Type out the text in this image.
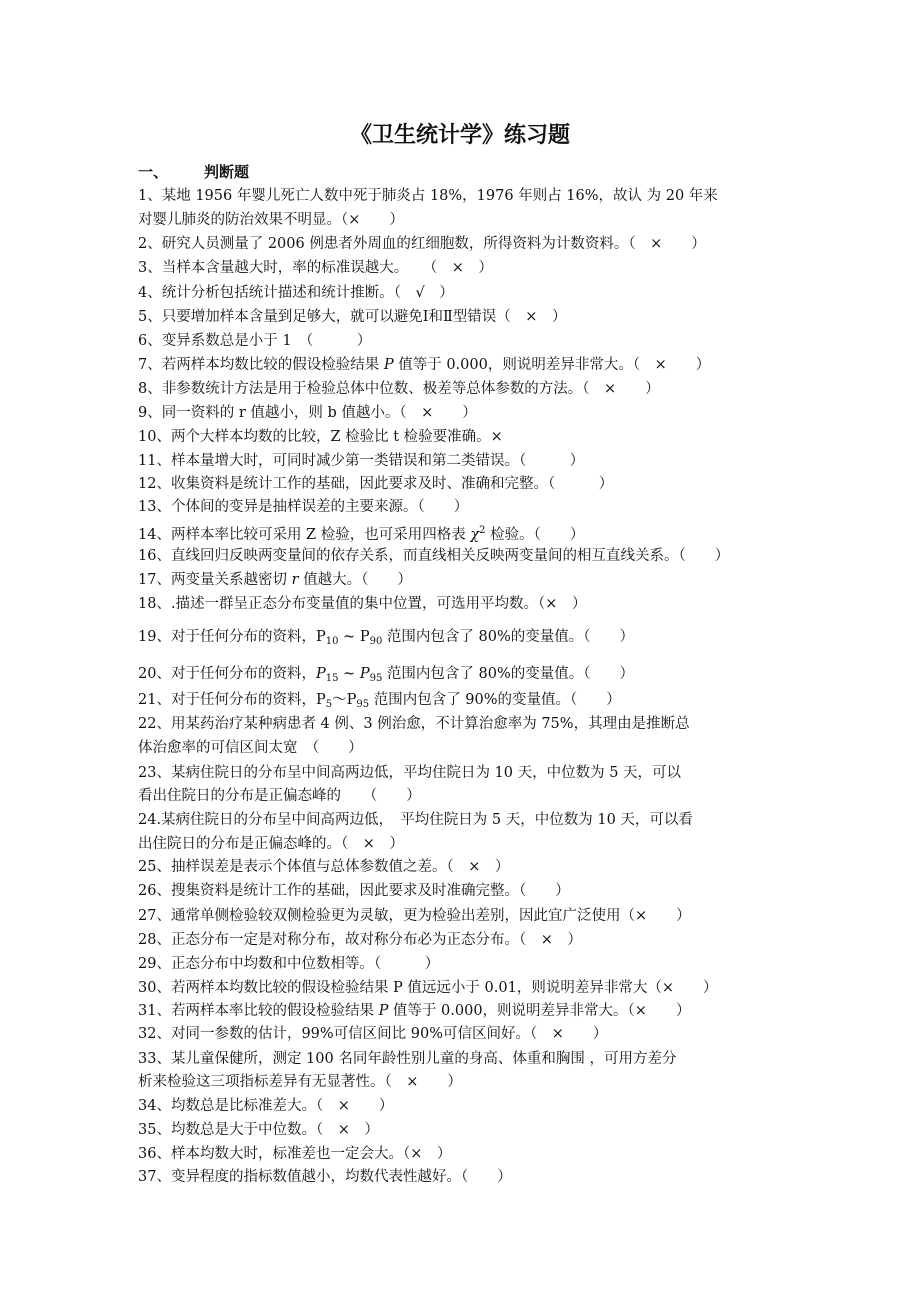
《卫生统计学》练习题
一、 判断题
1、某地 1956 年婴儿死亡人数中死于肺炎占 18%，1976 年则占 16%，故认 为 20 年来
对婴儿肺炎的防治效果不明显。（×　　）
2、研究人员测量了 2006 例患者外周血的红细胞数，所得资料为计数资料。（　×　　）
3、当样本含量越大时，率的标准误越大。　　（　×　）
4、统计分析包括统计描述和统计推断。（　√　）
5、只要增加样本含量到足够大，就可以避免Ⅰ和Ⅱ型错误（　×　）
6、变异系数总是小于 1　（　　　）
7、若两样本均数比较的假设检验结果 P 值等于 0.000，则说明差异非常大。（　×　　）
8、非参数统计方法是用于检验总体中位数、极差等总体参数的方法。（　×　　）
9、同一资料的 r 值越小，则 b 值越小。（　×　　）
10、两个大样本均数的比较，Z 检验比 t 检验要准确。×
11、样本量增大时，可同时减少第一类错误和第二类错误。（　　　）
12、收集资料是统计工作的基础，因此要求及时、准确和完整。（　　　）
13、个体间的变异是抽样误差的主要来源。（　　）
14、两样本率比较可采用 Z 检验，也可采用四格表 $\chi^2$ 检验。（　　）
16、直线回归反映两变量间的依存关系，而直线相关反映两变量间的相互直线关系。（　　）
17、两变量关系越密切 r 值越大。（　　）
18、.描述一群呈正态分布变量值的集中位置，可选用平均数。（×　）
19、对于任何分布的资料，$P_{10}$ ~ $P_{90}$ 范围内包含了 80%的变量值。（　　）
20、对于任何分布的资料，$P_{15}$ ~ $P_{95}$ 范围内包含了 80%的变量值。（　　）
21、对于任何分布的资料，$P_5\sim P_{95}$ 范围内包含了 90%的变量值。（　　）
22、用某药治疗某种病患者 4 例、3 例治愈，不计算治愈率为 75%，其理由是推断总
体治愈率的可信区间太宽　（　　）
23、某病住院日的分布呈中间高两边低，平均住院日为 10 天，中位数为 5 天，可以
看出住院日的分布是正偏态峰的　　（　　）
24.某病住院日的分布呈中间高两边低，　平均住院日为 5 天，中位数为 10 天，可以看
出住院日的分布是正偏态峰的。（　×　）
25、抽样误差是表示个体值与总体参数值之差。（　×　）
26、搜集资料是统计工作的基础，因此要求及时准确完整。（　　）
27、通常单侧检验较双侧检验更为灵敏，更为检验出差别，因此宜广泛使用（×　　）
28、正态分布一定是对称分布，故对称分布必为正态分布。（　×　）
29、正态分布中均数和中位数相等。（　　　）
30、若两样本均数比较的假设检验结果 P 值远远小于 0.01，则说明差异非常大（×　　）
31、若两样本率比较的假设检验结果 P 值等于 0.000，则说明差异非常大。（×　　）
32、对同一参数的估计，99%可信区间比 90%可信区间好。（　×　　）
33、某儿童保健所，测定 100 名同年龄性别儿童的身高、体重和胸围 ，可用方差分
析来检验这三项指标差异有无显著性。（　×　　）
34、均数总是比标准差大。（　×　　）
35、均数总是大于中位数。（　×　）
36、样本均数大时，标准差也一定会大。（×　）
37、变异程度的指标数值越小，均数代表性越好。（　　）
